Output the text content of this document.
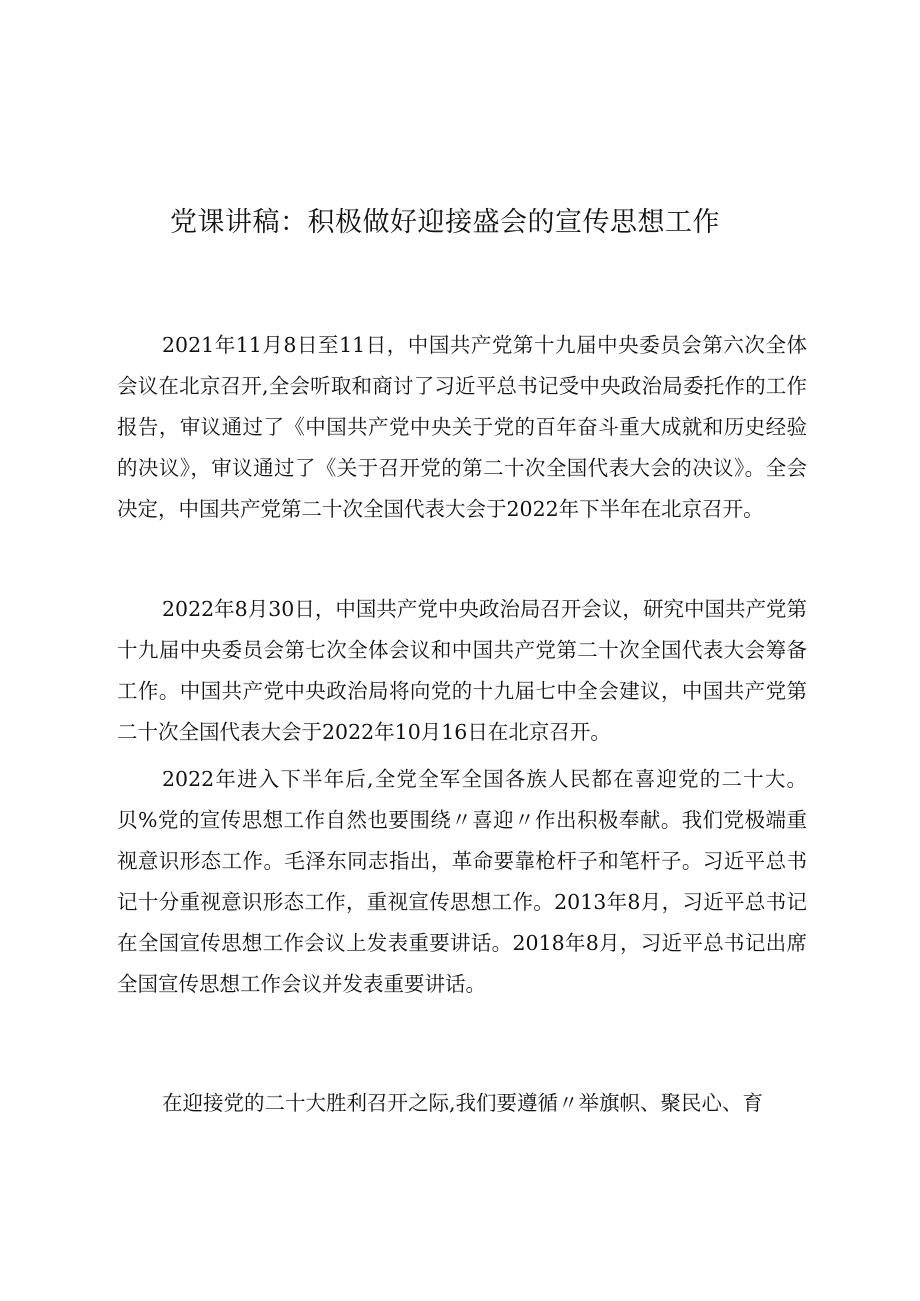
党课讲稿：积极做好迎接盛会的宣传思想工作

2021年11月8日至11日，中国共产党第十九届中央委员会第六次全体会议在北京召开,全会听取和商讨了习近平总书记受中央政治局委托作的工作报告，审议通过了《中国共产党中央关于党的百年奋斗重大成就和历史经验的决议》，审议通过了《关于召开党的第二十次全国代表大会的决议》。全会决定，中国共产党第二十次全国代表大会于2022年下半年在北京召开。

2022年8月30日，中国共产党中央政治局召开会议，研究中国共产党第十九届中央委员会第七次全体会议和中国共产党第二十次全国代表大会筹备工作。中国共产党中央政治局将向党的十九届七中全会建议，中国共产党第二十次全国代表大会于2022年10月16日在北京召开。

2022年进入下半年后,全党全军全国各族人民都在喜迎党的二十大。贝%党的宣传思想工作自然也要围绕〃喜迎〃作出积极奉献。我们党极端重视意识形态工作。毛泽东同志指出，革命要靠枪杆子和笔杆子。习近平总书记十分重视意识形态工作，重视宣传思想工作。2013年8月，习近平总书记在全国宣传思想工作会议上发表重要讲话。2018年8月，习近平总书记出席全国宣传思想工作会议并发表重要讲话。

在迎接党的二十大胜利召开之际,我们要遵循〃举旗帜、聚民心、育
